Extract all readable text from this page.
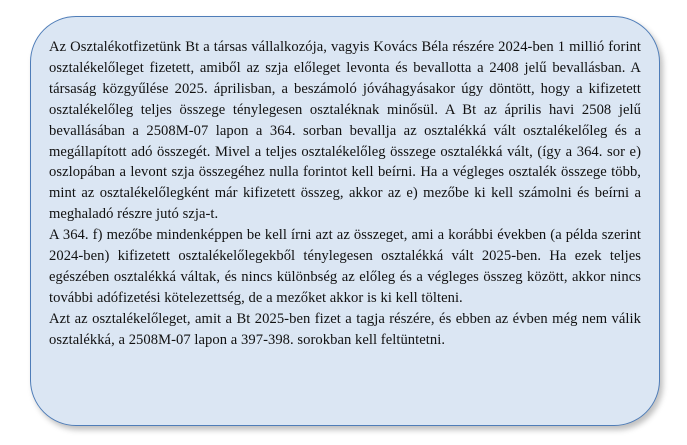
Az Osztalékotfizetünk Bt a társas vállalkozója, vagyis Kovács Béla részére 2024-ben 1 millió forint osztalékelőleget fizetett, amiből az szja előleget levonta és bevallotta a 2408 jelű bevallásban. A társaság közgyűlése 2025. áprilisban, a beszámoló jóváhagyásakor úgy döntött, hogy a kifizetett osztalékelőleg teljes összege ténylegesen osztaléknak minősül. A Bt az április havi 2508 jelű bevallásában a 2508M-07 lapon a 364. sorban bevallja az osztalékká vált osztalékelőleg és a megállapított adó összegét. Mivel a teljes osztalékelőleg összege osztalékká vált, (így a 364. sor e) oszlopában a levont szja összegéhez nulla forintot kell beírni. Ha a végleges osztalék összege több, mint az osztalékelőlegként már kifizetett összeg, akkor az e) mezőbe ki kell számolni és beírni a meghaladó részre jutó szja-t.

A 364. f) mezőbe mindenképpen be kell írni azt az összeget, ami a korábbi években (a példa szerint 2024-ben) kifizetett osztalékelőlegekből ténylegesen osztalékká vált 2025-ben. Ha ezek teljes egészében osztalékká váltak, és nincs különbség az előleg és a végleges összeg között, akkor nincs további adófizetési kötelezettség, de a mezőket akkor is ki kell tölteni.

Azt az osztalékelőleget, amit a Bt 2025-ben fizet a tagja részére, és ebben az évben még nem válik osztalékká, a 2508M-07 lapon a 397-398. sorokban kell feltüntetni.
